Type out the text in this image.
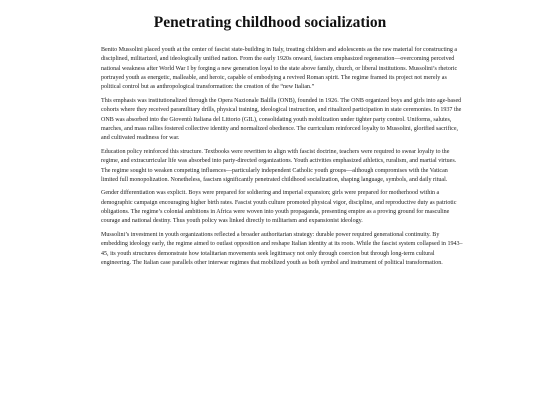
Penetrating childhood socialization

Benito Mussolini placed youth at the center of fascist state-building in Italy, treating children and adolescents as the raw material for constructing a disciplined, militarized, and ideologically unified nation. From the early 1920s onward, fascism emphasized regeneration—overcoming perceived national weakness after World War I by forging a new generation loyal to the state above family, church, or liberal institutions. Mussolini’s rhetoric portrayed youth as energetic, malleable, and heroic, capable of embodying a revived Roman spirit. The regime framed its project not merely as political control but as anthropological transformation: the creation of the “new Italian.”

This emphasis was institutionalized through the Opera Nazionale Balilla (ONB), founded in 1926. The ONB organized boys and girls into age-based cohorts where they received paramilitary drills, physical training, ideological instruction, and ritualized participation in state ceremonies. In 1937 the ONB was absorbed into the Gioventù Italiana del Littorio (GIL), consolidating youth mobilization under tighter party control. Uniforms, salutes, marches, and mass rallies fostered collective identity and normalized obedience. The curriculum reinforced loyalty to Mussolini, glorified sacrifice, and cultivated readiness for war.

Education policy reinforced this structure. Textbooks were rewritten to align with fascist doctrine, teachers were required to swear loyalty to the regime, and extracurricular life was absorbed into party-directed organizations. Youth activities emphasized athletics, ruralism, and martial virtues. The regime sought to weaken competing influences—particularly independent Catholic youth groups—although compromises with the Vatican limited full monopolization. Nonetheless, fascism significantly penetrated childhood socialization, shaping language, symbols, and daily ritual.

Gender differentiation was explicit. Boys were prepared for soldiering and imperial expansion; girls were prepared for motherhood within a demographic campaign encouraging higher birth rates. Fascist youth culture promoted physical vigor, discipline, and reproductive duty as patriotic obligations. The regime’s colonial ambitions in Africa were woven into youth propaganda, presenting empire as a proving ground for masculine courage and national destiny. Thus youth policy was linked directly to militarism and expansionist ideology.

Mussolini’s investment in youth organizations reflected a broader authoritarian strategy: durable power required generational continuity. By embedding ideology early, the regime aimed to outlast opposition and reshape Italian identity at its roots. While the fascist system collapsed in 1943–45, its youth structures demonstrate how totalitarian movements seek legitimacy not only through coercion but through long-term cultural engineering. The Italian case parallels other interwar regimes that mobilized youth as both symbol and instrument of political transformation.
